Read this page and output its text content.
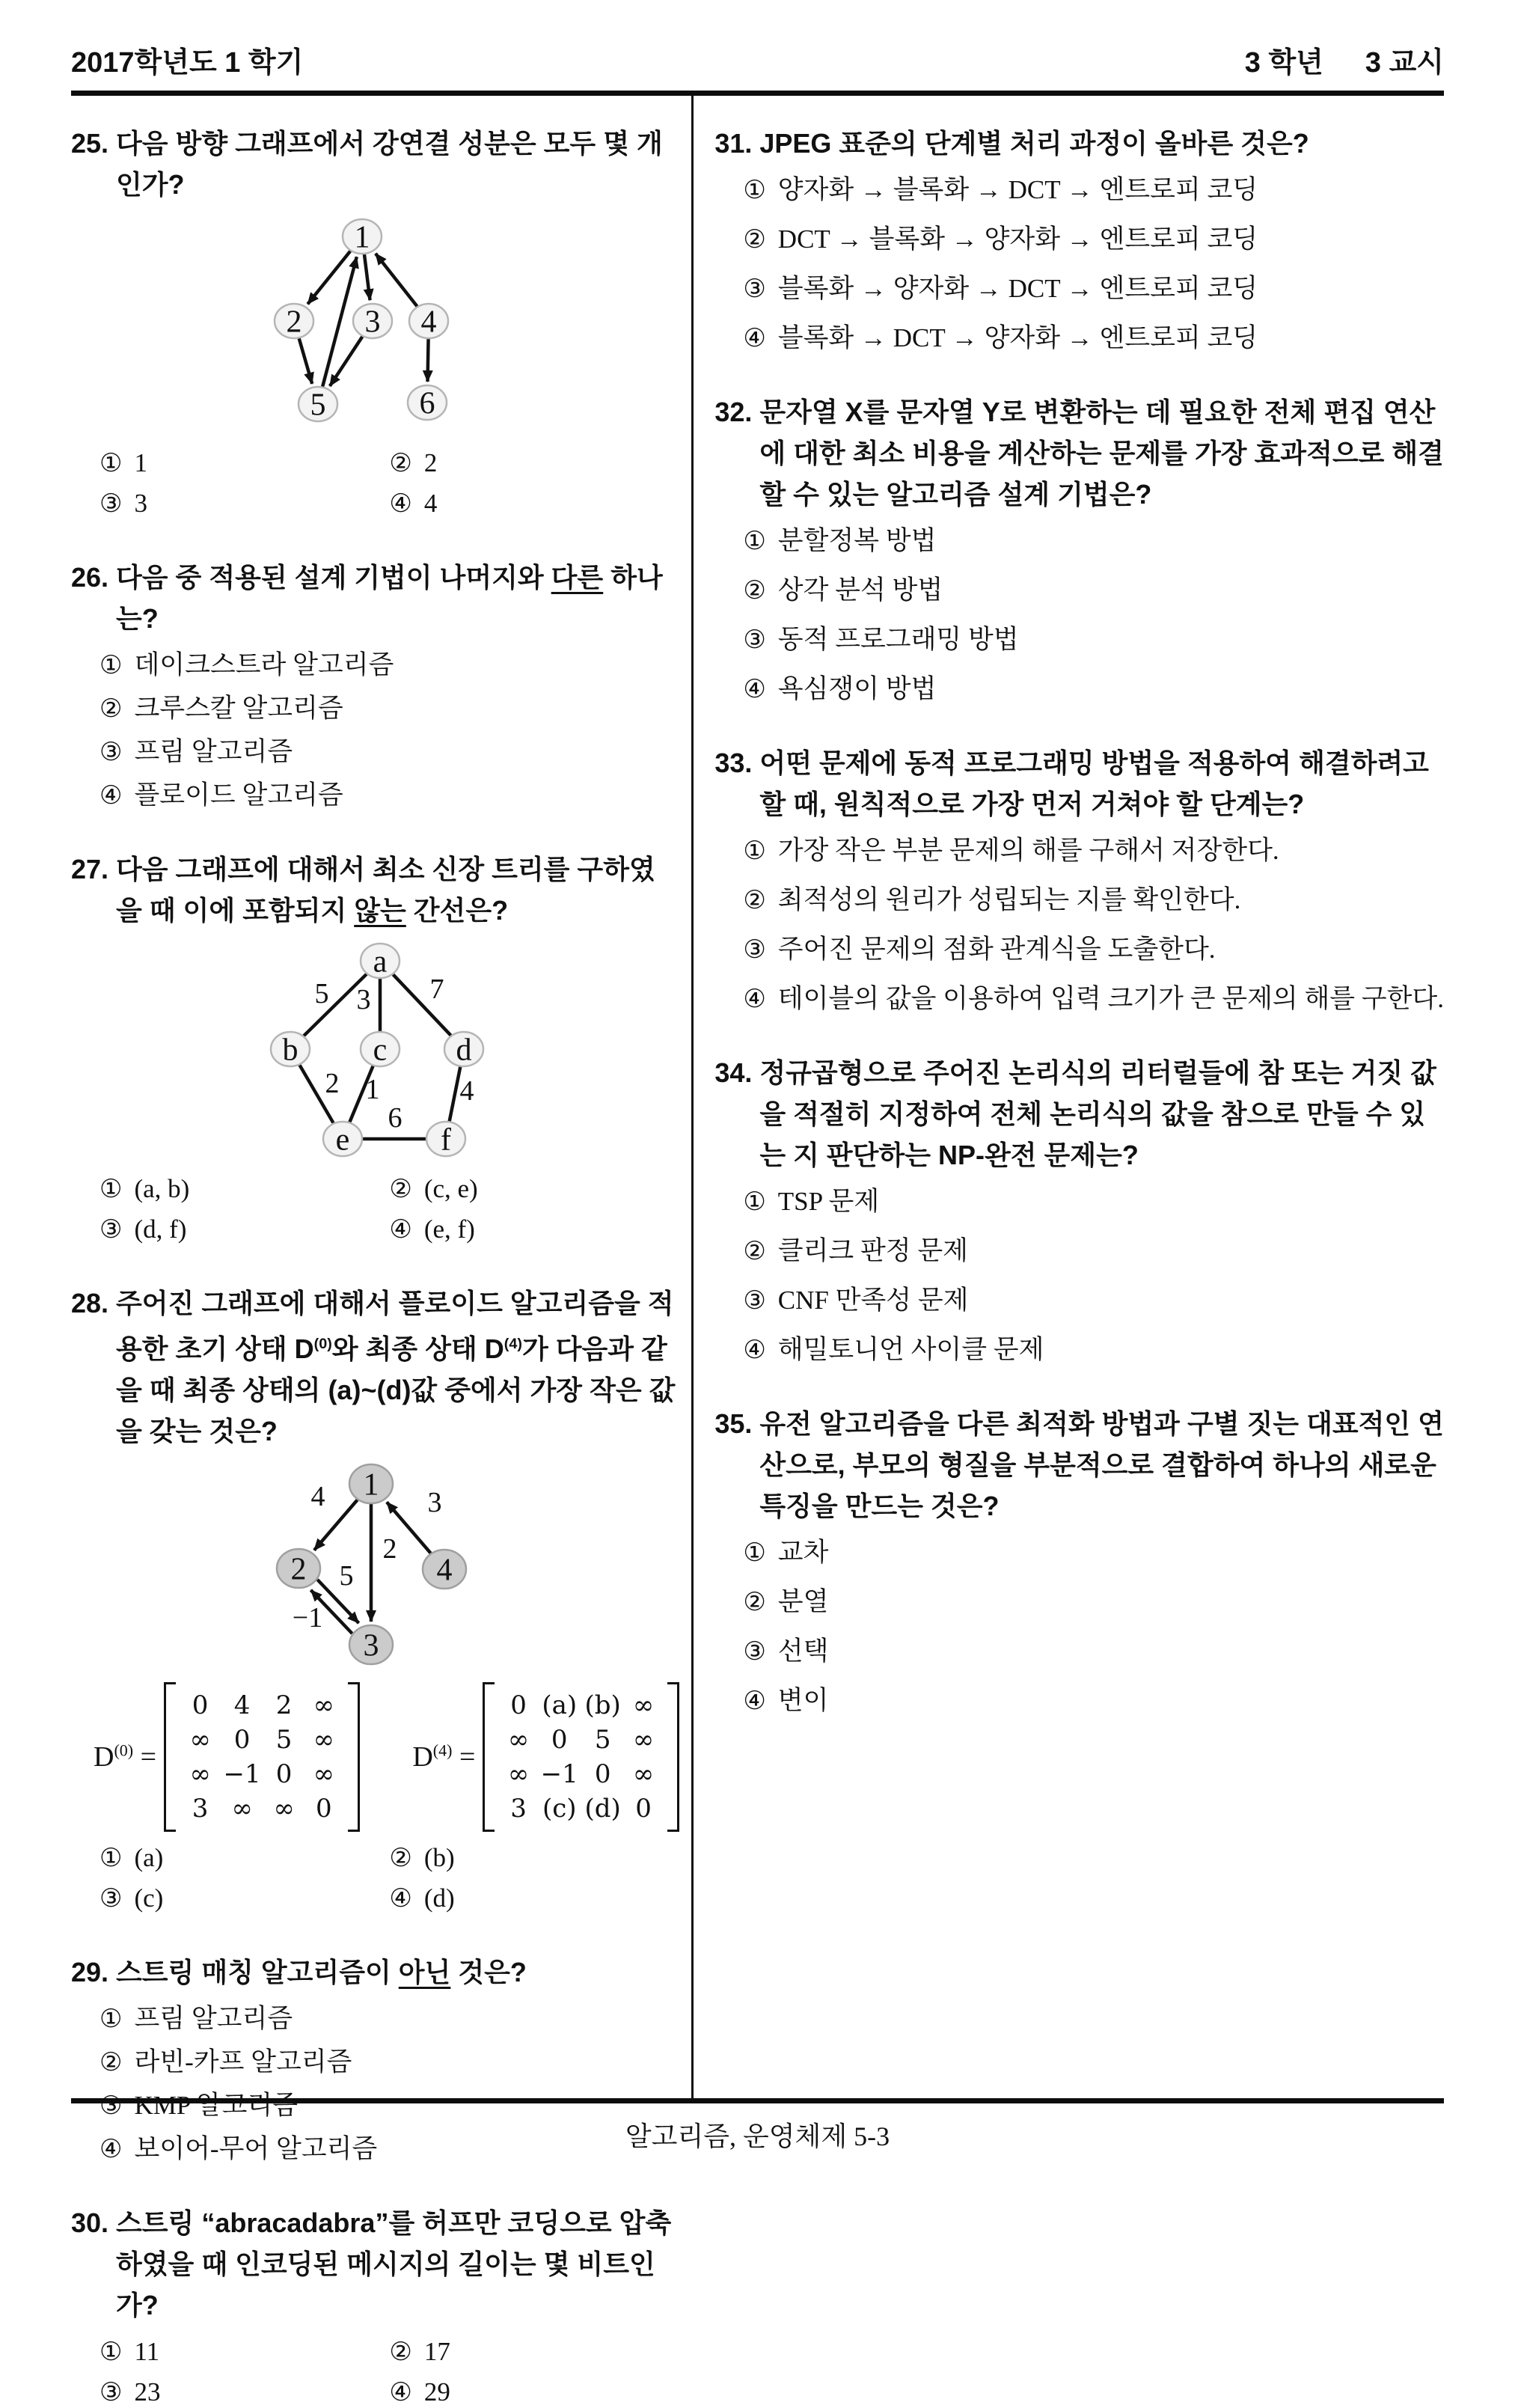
2017학년도 1 학기	3 학년 3 교시
25. 다음 방향 그래프에서 강연결 성분은 모두 몇 개인가?
1
2 3 4
5	6
① 1	② 2
③ 3	④ 4
26. 다음 중 적용된 설계 기법이 나머지와 다른 하나는?
① 데이크스트라 알고리즘
② 크루스칼 알고리즘
③ 프림 알고리즘
④ 플로이드 알고리즘
27. 다음 그래프에 대해서 최소 신장 트리를 구하였을 때 이에 포함되지 않는 간선은?
5 3 7
2 1	4
6
a
b c d
e	f
① (a, b)	② (c, e)
③ (d, f)	④ (e, f)
28. 주어진 그래프에 대해서 플로이드 알고리즘을 적용한 초기 상태 $D^{(0)}$와 최종 상태 $D^{(4)}$가 다음과 같을 때 최종 상태의 (a)~(d)값 중에서 가장 작은 값을 갖는 것은?
4
2
3
5
−1
1
2	4
3
$D^{(0)}$ =
0	4	2	∞
∞	0	5	∞
∞	−1	0	∞
3	∞	∞	0
$D^{(4)}$ =
0	(a)	(b)	∞
∞	0	5	∞
∞	−1	0	∞
3	(c)	(d)	0
① (a)	② (b)
③ (c)	④ (d)
29. 스트링 매칭 알고리즘이 아닌 것은?
① 프림 알고리즘
② 라빈-카프 알고리즘
③ KMP 알고리즘
④ 보이어-무어 알고리즘
30. 스트링 “abracadabra”를 허프만 코딩으로 압축하였을 때 인코딩된 메시지의 길이는 몇 비트인가?
① 11	② 17
③ 23	④ 29
31. JPEG 표준의 단계별 처리 과정이 올바른 것은?
① 양자화 → 블록화 → DCT → 엔트로피 코딩
② DCT → 블록화 → 양자화 → 엔트로피 코딩
③ 블록화 → 양자화 → DCT → 엔트로피 코딩
④ 블록화 → DCT → 양자화 → 엔트로피 코딩
32. 문자열 X를 문자열 Y로 변환하는 데 필요한 전체 편집 연산에 대한 최소 비용을 계산하는 문제를 가장 효과적으로 해결할 수 있는 알고리즘 설계 기법은?
① 분할정복 방법
② 상각 분석 방법
③ 동적 프로그래밍 방법
④ 욕심쟁이 방법
33. 어떤 문제에 동적 프로그래밍 방법을 적용하여 해결하려고 할 때, 원칙적으로 가장 먼저 거쳐야 할 단계는?
① 가장 작은 부분 문제의 해를 구해서 저장한다.
② 최적성의 원리가 성립되는 지를 확인한다.
③ 주어진 문제의 점화 관계식을 도출한다.
④ 테이블의 값을 이용하여 입력 크기가 큰 문제의 해를 구한다.
34. 정규곱형으로 주어진 논리식의 리터럴들에 참 또는 거짓 값을 적절히 지정하여 전체 논리식의 값을 참으로 만들 수 있는 지 판단하는 NP-완전 문제는?
① TSP 문제
② 클리크 판정 문제
③ CNF 만족성 문제
④ 해밀토니언 사이클 문제
35. 유전 알고리즘을 다른 최적화 방법과 구별 짓는 대표적인 연산으로, 부모의 형질을 부분적으로 결합하여 하나의 새로운 특징을 만드는 것은?
① 교차
② 분열
③ 선택
④ 변이
알고리즘, 운영체제 5-3
